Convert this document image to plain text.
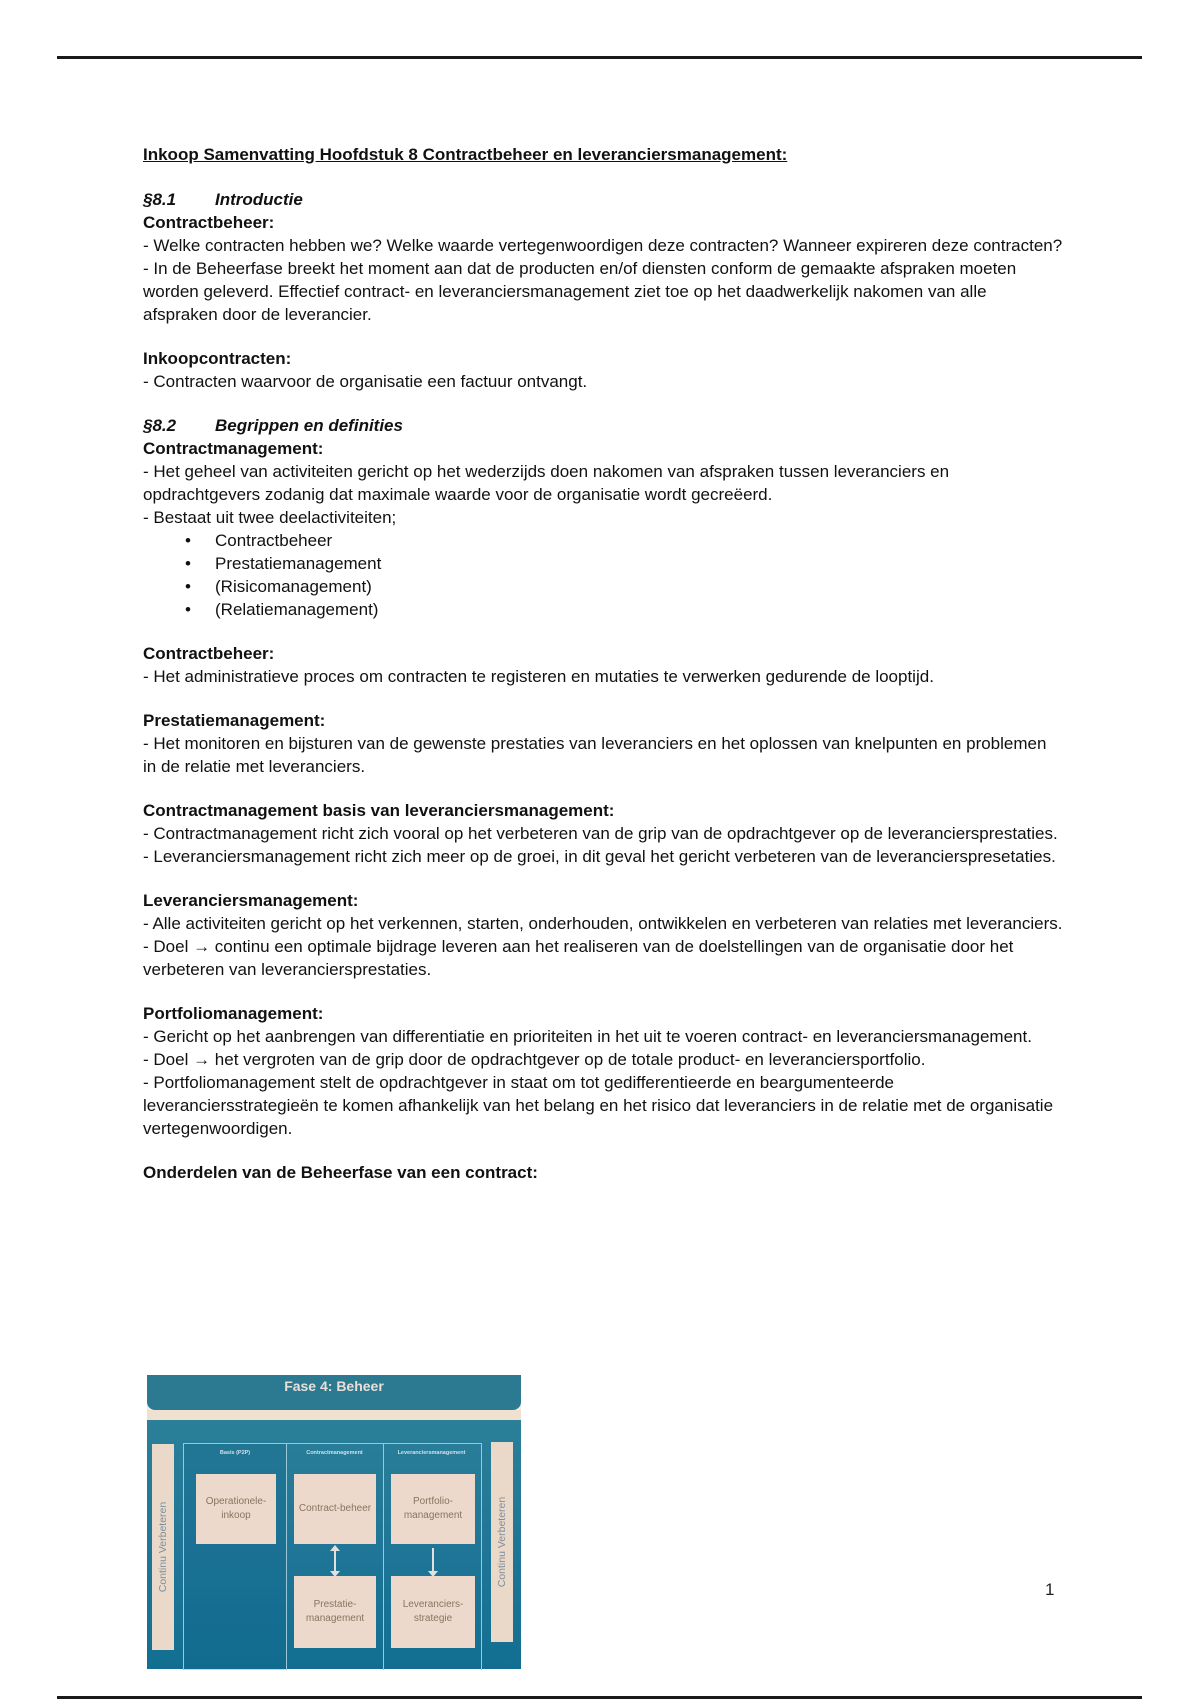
Inkoop Samenvatting Hoofdstuk 8 Contractbeheer en leveranciersmanagement:

§8.1 Introductie

Contractbeheer:

- Welke contracten hebben we? Welke waarde vertegenwoordigen deze contracten? Wanneer expireren deze contracten?

- In de Beheerfase breekt het moment aan dat de producten en/of diensten conform de gemaakte afspraken moeten worden geleverd. Effectief contract- en leveranciersmanagement ziet toe op het daadwerkelijk nakomen van alle afspraken door de leverancier.

Inkoopcontracten:

- Contracten waarvoor de organisatie een factuur ontvangt.

§8.2 Begrippen en definities

Contractmanagement:

- Het geheel van activiteiten gericht op het wederzijds doen nakomen van afspraken tussen leveranciers en opdrachtgevers zodanig dat maximale waarde voor de organisatie wordt gecreëerd.

- Bestaat uit twee deelactiviteiten;

• Contractbeheer
• Prestatiemanagement
• (Risicomanagement)
• (Relatiemanagement)

Contractbeheer:

- Het administratieve proces om contracten te registeren en mutaties te verwerken gedurende de looptijd.

Prestatiemanagement:

- Het monitoren en bijsturen van de gewenste prestaties van leveranciers en het oplossen van knelpunten en problemen in de relatie met leveranciers.

Contractmanagement basis van leveranciersmanagement:

- Contractmanagement richt zich vooral op het verbeteren van de grip van de opdrachtgever op de leveranciersprestaties.

- Leveranciersmanagement richt zich meer op de groei, in dit geval het gericht verbeteren van de leverancierspresetaties.

Leveranciersmanagement:

- Alle activiteiten gericht op het verkennen, starten, onderhouden, ontwikkelen en verbeteren van relaties met leveranciers.

- Doel → continu een optimale bijdrage leveren aan het realiseren van de doelstellingen van de organisatie door het verbeteren van leveranciersprestaties.

Portfoliomanagement:

- Gericht op het aanbrengen van differentiatie en prioriteiten in het uit te voeren contract- en leveranciersmanagement.

- Doel → het vergroten van de grip door de opdrachtgever op de totale product- en leveranciersportfolio.

- Portfoliomanagement stelt de opdrachtgever in staat om tot gedifferentieerde en beargumenteerde leveranciersstrategieën te komen afhankelijk van het belang en het risico dat leveranciers in de relatie met de organisatie vertegenwoordigen.

Onderdelen van de Beheerfase van een contract:

Fase 4: Beheer
Continu Verbeteren
Basis (P2P)
Operationele-inkoop
Contractmanagement
Contract-beheer
Prestatie-management
Leveranciersmanagement
Portfolio-management
Leveranciers-strategie
Continu Verbeteren
1
